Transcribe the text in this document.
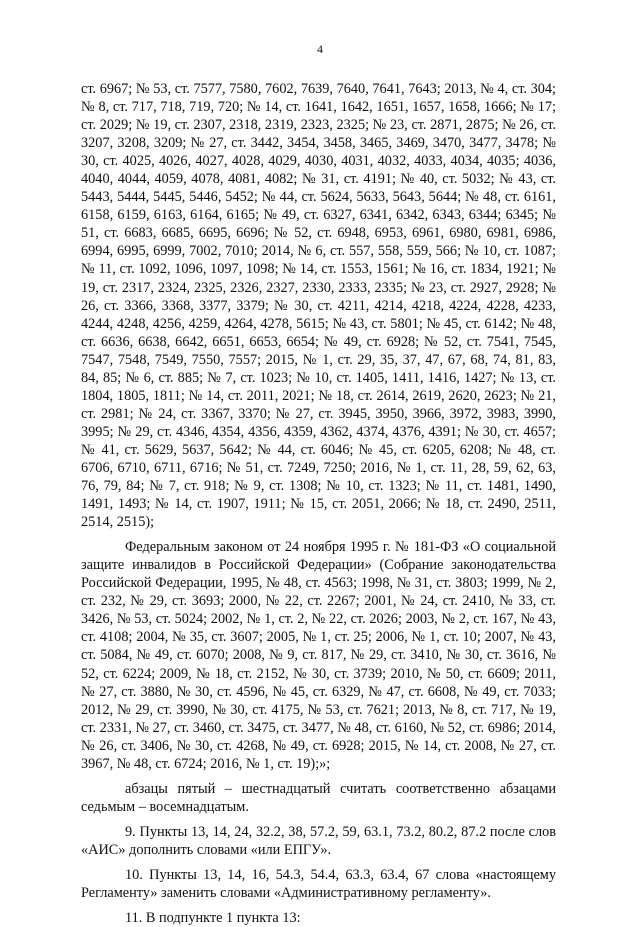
4

ст. 6967; № 53, ст. 7577, 7580, 7602, 7639, 7640, 7641, 7643; 2013, № 4, ст. 304; № 8, ст. 717, 718, 719, 720; № 14, ст. 1641, 1642, 1651, 1657, 1658, 1666; № 17; ст. 2029; № 19, ст. 2307, 2318, 2319, 2323, 2325; № 23, ст. 2871, 2875; № 26, ст. 3207, 3208, 3209; № 27, ст. 3442, 3454, 3458, 3465, 3469, 3470, 3477, 3478; № 30, ст. 4025, 4026, 4027, 4028, 4029, 4030, 4031, 4032, 4033, 4034, 4035; 4036, 4040, 4044, 4059, 4078, 4081, 4082; № 31, ст. 4191; № 40, ст. 5032; № 43, ст. 5443, 5444, 5445, 5446, 5452; № 44, ст. 5624, 5633, 5643, 5644; № 48, ст. 6161, 6158, 6159, 6163, 6164, 6165; № 49, ст. 6327, 6341, 6342, 6343, 6344; 6345; № 51, ст. 6683, 6685, 6695, 6696; № 52, ст. 6948, 6953, 6961, 6980, 6981, 6986, 6994, 6995, 6999, 7002, 7010; 2014, № 6, ст. 557, 558, 559, 566; № 10, ст. 1087; № 11, ст. 1092, 1096, 1097, 1098; № 14, ст. 1553, 1561; № 16, ст. 1834, 1921; № 19, ст. 2317, 2324, 2325, 2326, 2327, 2330, 2333, 2335; № 23, ст. 2927, 2928; № 26, ст. 3366, 3368, 3377, 3379; № 30, ст. 4211, 4214, 4218, 4224, 4228, 4233, 4244, 4248, 4256, 4259, 4264, 4278, 5615; № 43, ст. 5801; № 45, ст. 6142; № 48, ст. 6636, 6638, 6642, 6651, 6653, 6654; № 49, ст. 6928; № 52, ст. 7541, 7545, 7547, 7548, 7549, 7550, 7557; 2015, № 1, ст. 29, 35, 37, 47, 67, 68, 74, 81, 83, 84, 85; № 6, ст. 885; № 7, ст. 1023; № 10, ст. 1405, 1411, 1416, 1427; № 13, ст. 1804, 1805, 1811; № 14, ст. 2011, 2021; № 18, ст. 2614, 2619, 2620, 2623; № 21, ст. 2981; № 24, ст. 3367, 3370; № 27, ст. 3945, 3950, 3966, 3972, 3983, 3990, 3995; № 29, ст. 4346, 4354, 4356, 4359, 4362, 4374, 4376, 4391; № 30, ст. 4657; № 41, ст. 5629, 5637, 5642; № 44, ст. 6046; № 45, ст. 6205, 6208; № 48, ст. 6706, 6710, 6711, 6716; № 51, ст. 7249, 7250; 2016, № 1, ст. 11, 28, 59, 62, 63, 76, 79, 84; № 7, ст. 918; № 9, ст. 1308; № 10, ст. 1323; № 11, ст. 1481, 1490, 1491, 1493; № 14, ст. 1907, 1911; № 15, ст. 2051, 2066; № 18, ст. 2490, 2511, 2514, 2515);

Федеральным законом от 24 ноября 1995 г. № 181-ФЗ «О социальной защите инвалидов в Российской Федерации» (Собрание законодательства Российской Федерации, 1995, № 48, ст. 4563; 1998, № 31, ст. 3803; 1999, № 2, ст. 232, № 29, ст. 3693; 2000, № 22, ст. 2267; 2001, № 24, ст. 2410, № 33, ст. 3426, № 53, ст. 5024; 2002, № 1, ст. 2, № 22, ст. 2026; 2003, № 2, ст. 167, № 43, ст. 4108; 2004, № 35, ст. 3607; 2005, № 1, ст. 25; 2006, № 1, ст. 10; 2007, № 43, ст. 5084, № 49, ст. 6070; 2008, № 9, ст. 817, № 29, ст. 3410, № 30, ст. 3616, № 52, ст. 6224; 2009, № 18, ст. 2152, № 30, ст. 3739; 2010, № 50, ст. 6609; 2011, № 27, ст. 3880, № 30, ст. 4596, № 45, ст. 6329, № 47, ст. 6608, № 49, ст. 7033; 2012, № 29, ст. 3990, № 30, ст. 4175, № 53, ст. 7621; 2013, № 8, ст. 717, № 19, ст. 2331, № 27, ст. 3460, ст. 3475, ст. 3477, № 48, ст. 6160, № 52, ст. 6986; 2014, № 26, ст. 3406, № 30, ст. 4268, № 49, ст. 6928; 2015, № 14, ст. 2008, № 27, ст. 3967, № 48, ст. 6724; 2016, № 1, ст. 19);»;

абзацы пятый – шестнадцатый считать соответственно абзацами седьмым – восемнадцатым.

9. Пункты 13, 14, 24, 32.2, 38, 57.2, 59, 63.1, 73.2, 80.2, 87.2 после слов «АИС» дополнить словами «или ЕПГУ».

10. Пункты 13, 14, 16, 54.3, 54.4, 63.3, 63.4, 67 слова «настоящему Регламенту» заменить словами «Административному регламенту».

11. В подпункте 1 пункта 13:
